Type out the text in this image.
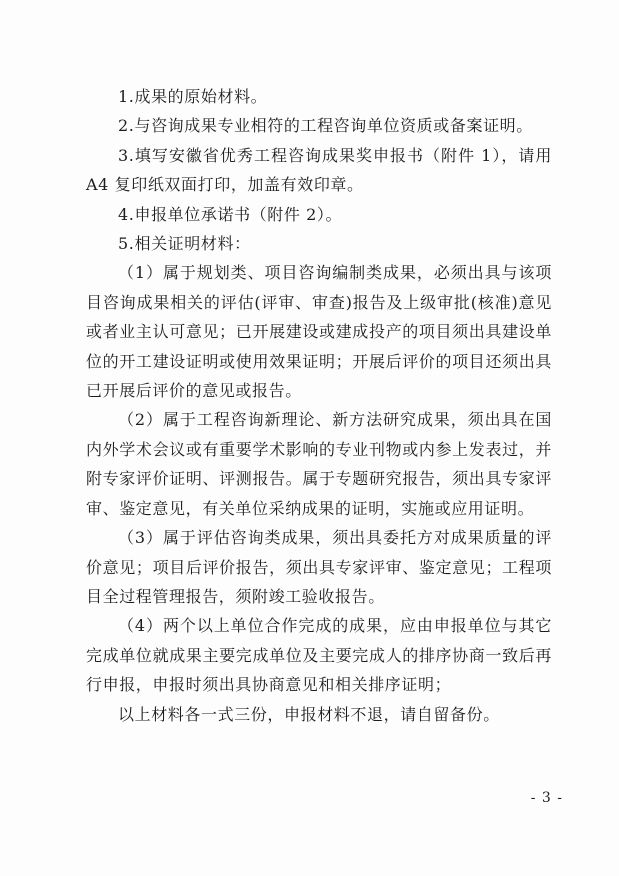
1.成果的原始材料。

2.与咨询成果专业相符的工程咨询单位资质或备案证明。

3.填写安徽省优秀工程咨询成果奖申报书（附件 1），请用A4 复印纸双面打印，加盖有效印章。

4.申报单位承诺书（附件 2）。

5.相关证明材料：

（1）属于规划类、项目咨询编制类成果，必须出具与该项目咨询成果相关的评估(评审、审查)报告及上级审批(核准)意见或者业主认可意见；已开展建设或建成投产的项目须出具建设单位的开工建设证明或使用效果证明；开展后评价的项目还须出具已开展后评价的意见或报告。

（2）属于工程咨询新理论、新方法研究成果，须出具在国内外学术会议或有重要学术影响的专业刊物或内参上发表过，并附专家评价证明、评测报告。属于专题研究报告，须出具专家评审、鉴定意见，有关单位采纳成果的证明，实施或应用证明。

（3）属于评估咨询类成果，须出具委托方对成果质量的评价意见；项目后评价报告，须出具专家评审、鉴定意见；工程项目全过程管理报告，须附竣工验收报告。

（4）两个以上单位合作完成的成果，应由申报单位与其它完成单位就成果主要完成单位及主要完成人的排序协商一致后再行申报，申报时须出具协商意见和相关排序证明；

以上材料各一式三份，申报材料不退，请自留备份。

- 3 -
